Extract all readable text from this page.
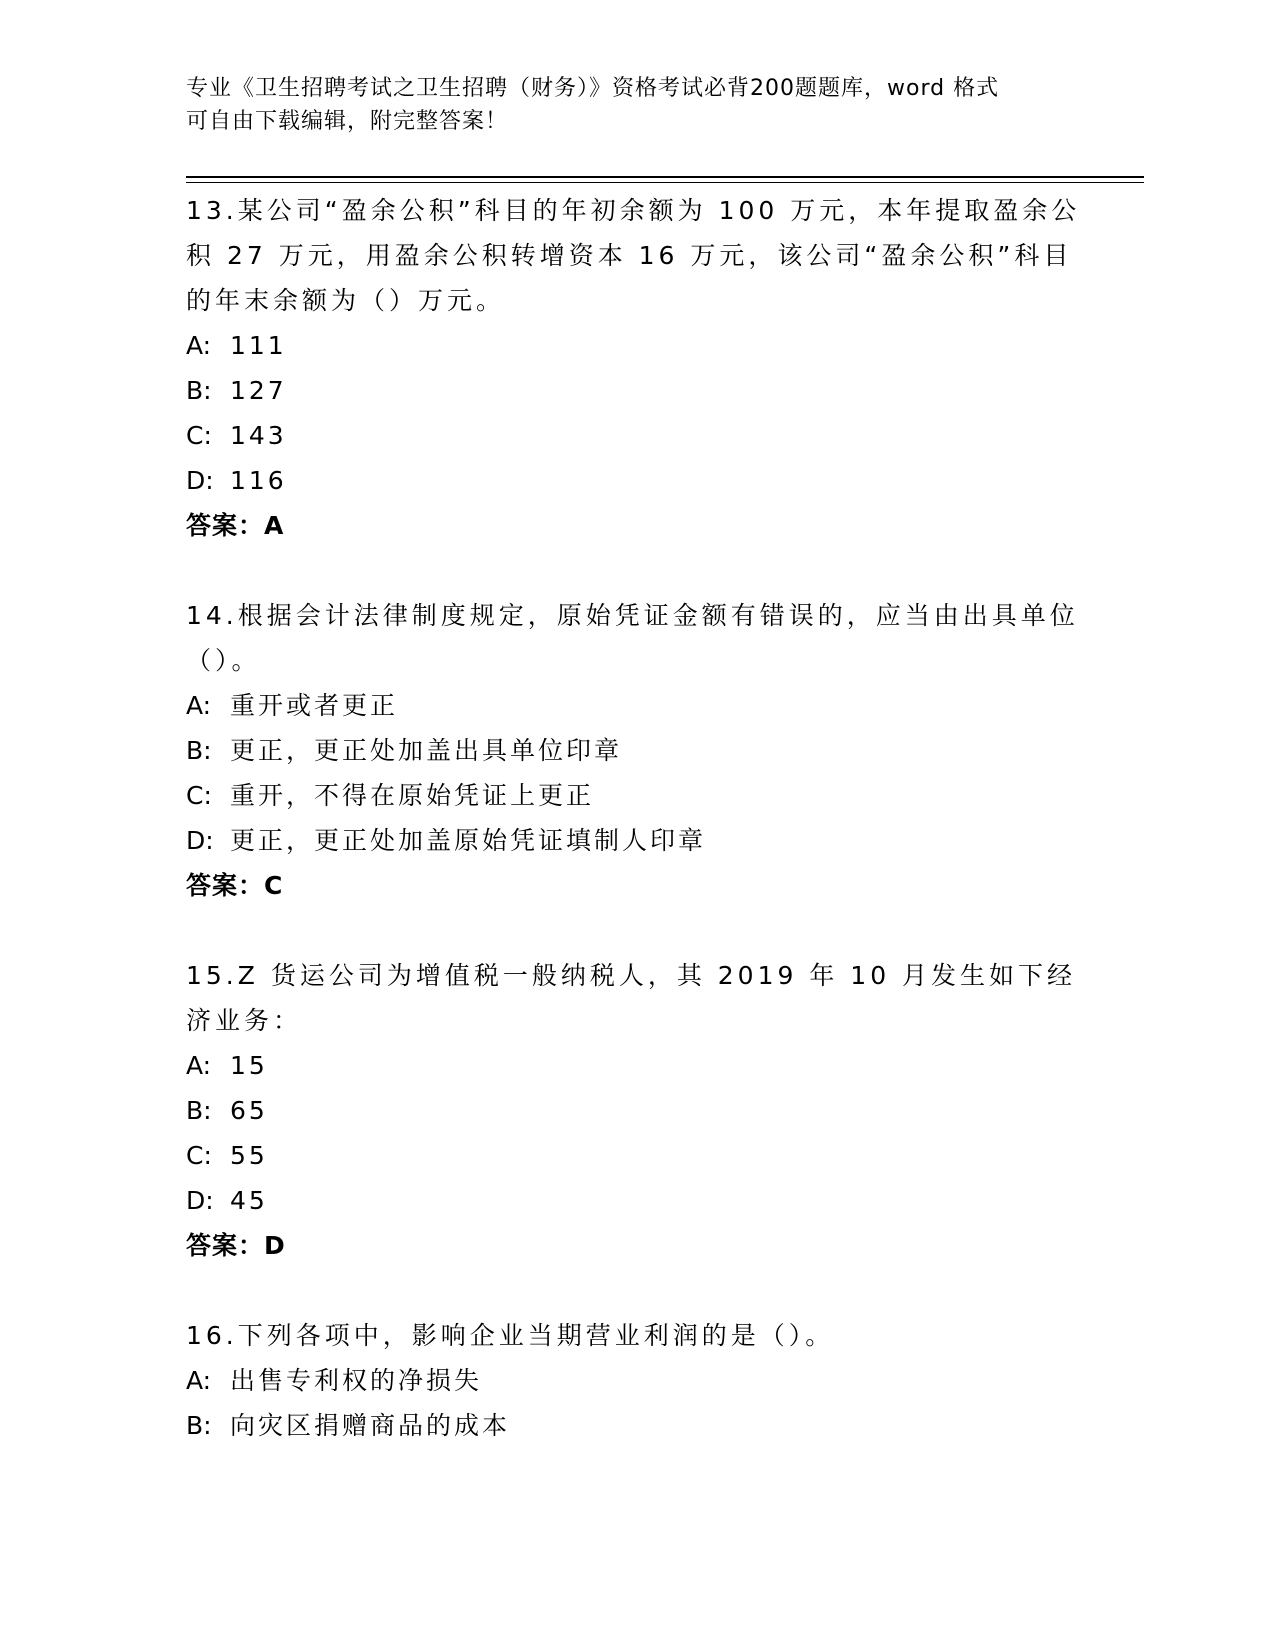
专业《卫生招聘考试之卫生招聘（财务）》资格考试必背200题题库，word 格式
可自由下载编辑，附完整答案！
13.某公司“盈余公积”科目的年初余额为 100 万元，本年提取盈余公积 27 万元，用盈余公积转增资本 16 万元，该公司“盈余公积”科目的年末余额为（）万元。
A: 111
B: 127
C: 143
D: 116
答案：A
14.根据会计法律制度规定，原始凭证金额有错误的，应当由出具单位（）。
A: 重开或者更正
B: 更正，更正处加盖出具单位印章
C: 重开，不得在原始凭证上更正
D: 更正，更正处加盖原始凭证填制人印章
答案：C
15.Z 货运公司为增值税一般纳税人，其 2019 年 10 月发生如下经济业务：
A: 15
B: 65
C: 55
D: 45
答案：D
16.下列各项中，影响企业当期营业利润的是（）。
A: 出售专利权的净损失
B: 向灾区捐赠商品的成本
